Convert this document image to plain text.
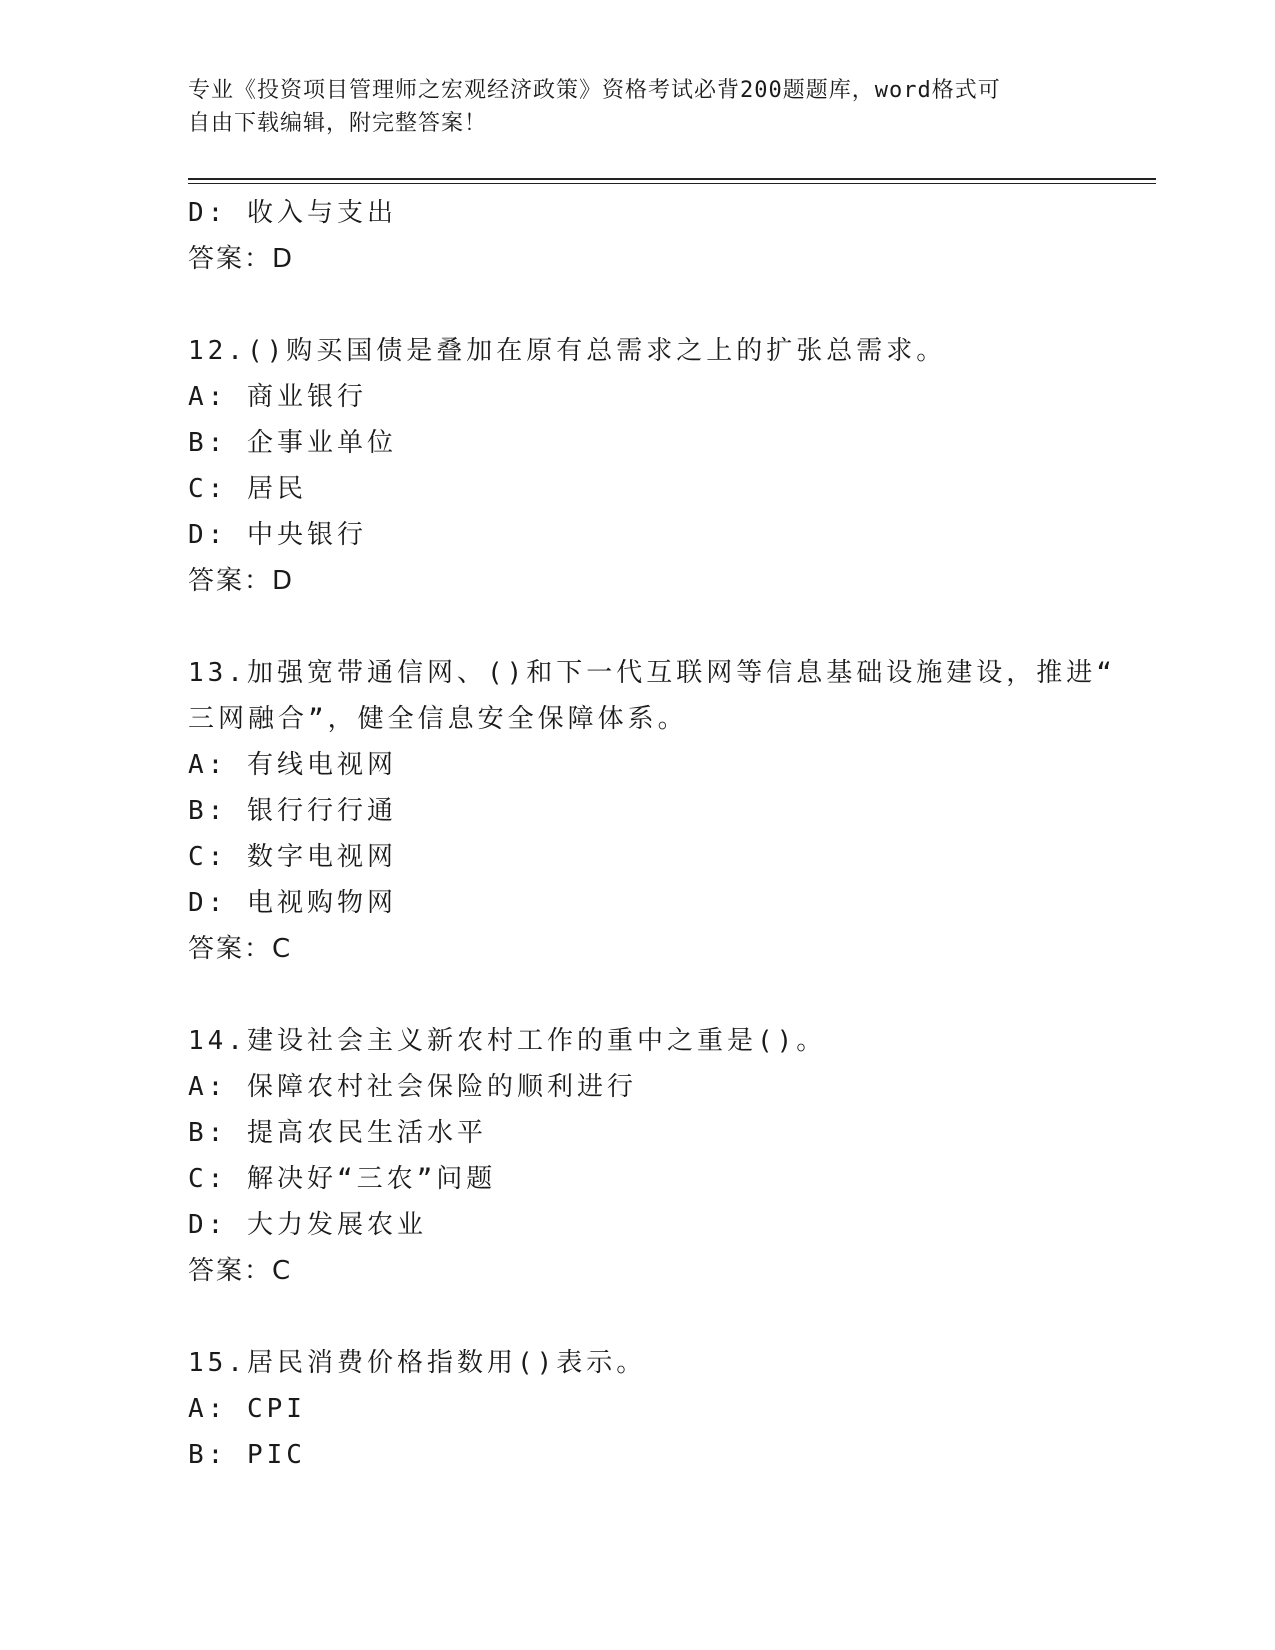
专业《投资项目管理师之宏观经济政策》资格考试必背200题题库，word格式可
自由下载编辑，附完整答案！
D: 收入与支出
答案：D
12.()购买国债是叠加在原有总需求之上的扩张总需求。
A: 商业银行
B: 企事业单位
C: 居民
D: 中央银行
答案：D
13.加强宽带通信网、()和下一代互联网等信息基础设施建设，推进“
三网融合”，健全信息安全保障体系。
A: 有线电视网
B: 银行行行通
C: 数字电视网
D: 电视购物网
答案：C
14.建设社会主义新农村工作的重中之重是()。
A: 保障农村社会保险的顺利进行
B: 提高农民生活水平
C: 解决好“三农”问题
D: 大力发展农业
答案：C
15.居民消费价格指数用()表示。
A: CPI
B: PIC
